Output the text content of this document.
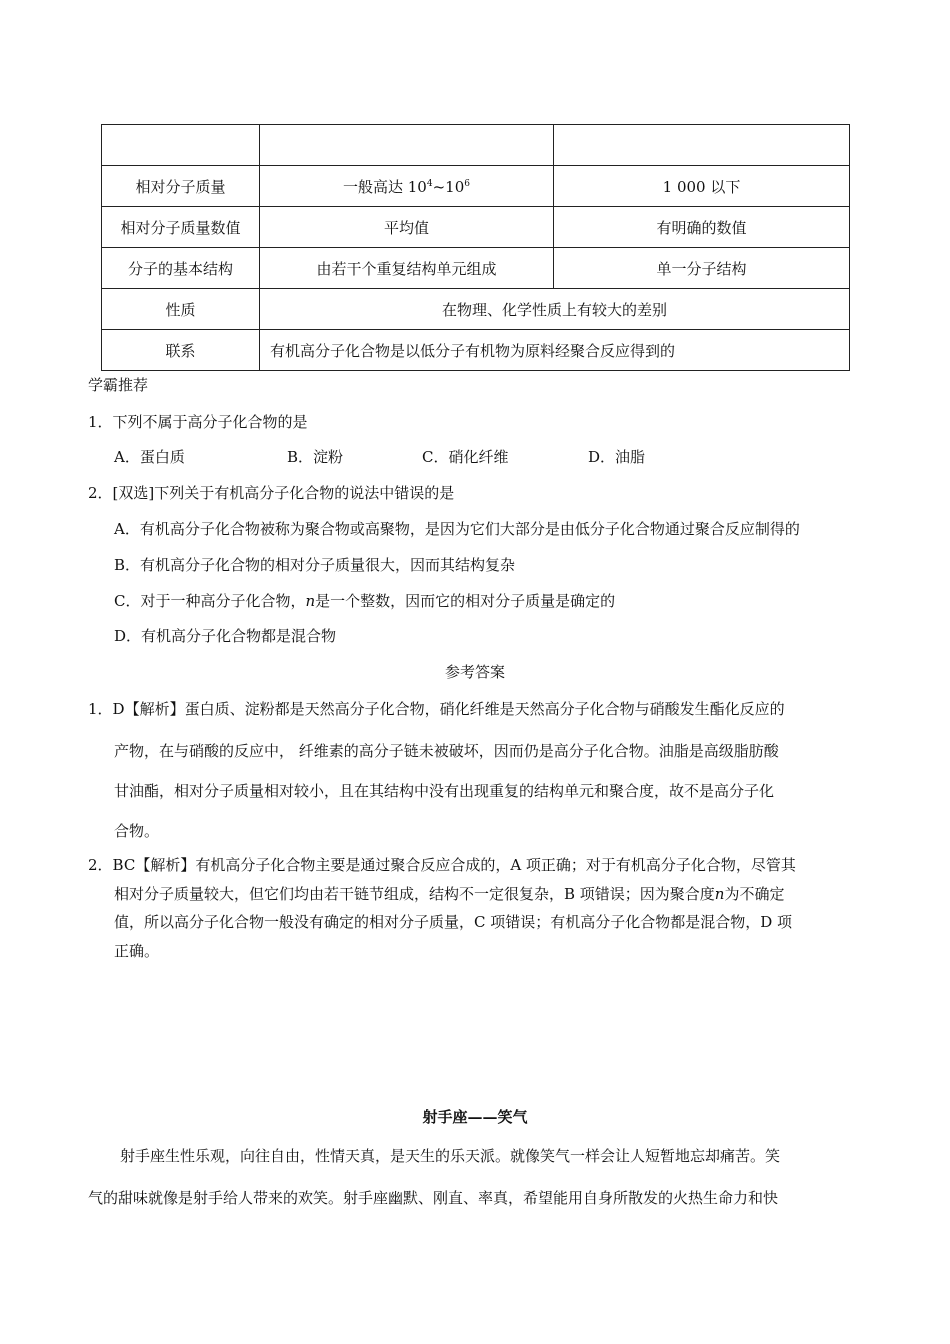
相对分子质量	一般高达 $10^4\sim 10^6$	1 000 以下
相对分子质量数值	平均值	有明确的数值
分子的基本结构	由若干个重复结构单元组成	单一分子结构
性质	在物理、化学性质上有较大的差别	
联系	有机高分子化合物是以低分子有机物为原料经聚合反应得到的	
学霸推荐
1．下列不属于高分子化合物的是
A．蛋白质	B．淀粉	C．硝化纤维	D．油脂
2．[双选]下列关于有机高分子化合物的说法中错误的是
A．有机高分子化合物被称为聚合物或高聚物，是因为它们大部分是由低分子化合物通过聚合反应制得的
B．有机高分子化合物的相对分子质量很大，因而其结构复杂
C．对于一种高分子化合物，n是一个整数，因而它的相对分子质量是确定的
D．有机高分子化合物都是混合物
参考答案
1．D【解析】蛋白质、淀粉都是天然高分子化合物，硝化纤维是天然高分子化合物与硝酸发生酯化反应的
产物，在与硝酸的反应中， 纤维素的高分子链未被破坏，因而仍是高分子化合物。油脂是高级脂肪酸
甘油酯，相对分子质量相对较小，且在其结构中没有出现重复的结构单元和聚合度，故不是高分子化
合物。
2．BC【解析】有机高分子化合物主要是通过聚合反应合成的，A 项正确；对于有机高分子化合物，尽管其
相对分子质量较大，但它们均由若干链节组成，结构不一定很复杂，B 项错误；因为聚合度n为不确定
值，所以高分子化合物一般没有确定的相对分子质量，C 项错误；有机高分子化合物都是混合物，D 项
正确。
射手座——笑气
射手座生性乐观，向往自由，性情天真，是天生的乐天派。就像笑气一样会让人短暂地忘却痛苦。笑
气的甜味就像是射手给人带来的欢笑。射手座幽默、刚直、率真，希望能用自身所散发的火热生命力和快
